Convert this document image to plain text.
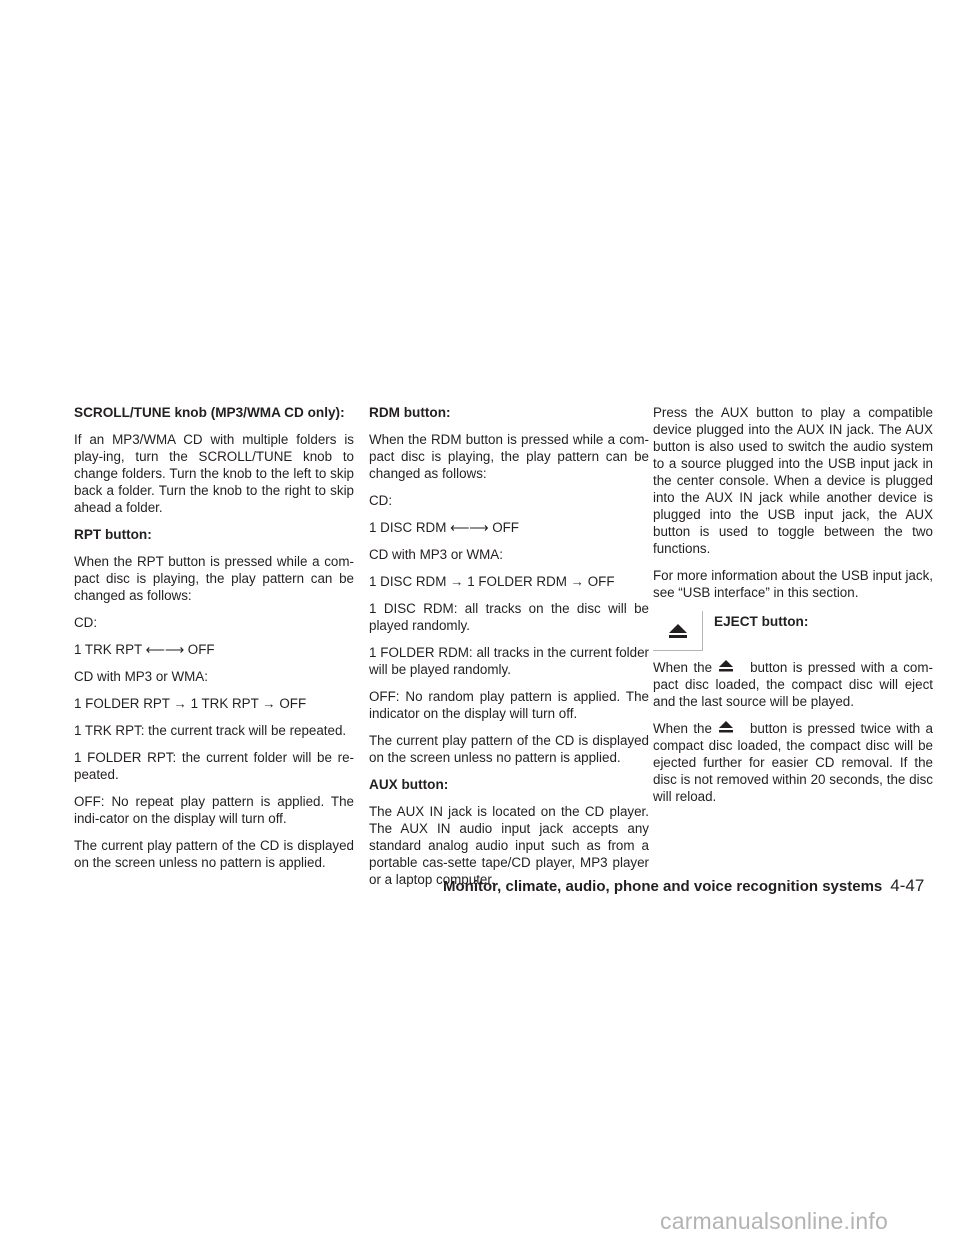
SCROLL/TUNE knob (MP3/WMA CD only):

If an MP3/WMA CD with multiple folders is play-ing, turn the SCROLL/TUNE knob to change folders. Turn the knob to the left to skip back a folder. Turn the knob to the right to skip ahead a folder.

RPT button:

When the RPT button is pressed while a com-pact disc is playing, the play pattern can be changed as follows:

CD:

1 TRK RPT ⟵⟶ OFF

CD with MP3 or WMA:

1 FOLDER RPT → 1 TRK RPT → OFF

1 TRK RPT: the current track will be repeated.

1 FOLDER RPT: the current folder will be re-peated.

OFF: No repeat play pattern is applied. The indi-cator on the display will turn off.

The current play pattern of the CD is displayed on the screen unless no pattern is applied.

RDM button:

When the RDM button is pressed while a com-pact disc is playing, the play pattern can be changed as follows:

CD:

1 DISC RDM ⟵⟶ OFF

CD with MP3 or WMA:

1 DISC RDM → 1 FOLDER RDM → OFF

1 DISC RDM: all tracks on the disc will be played randomly.

1 FOLDER RDM: all tracks in the current folder will be played randomly.

OFF: No random play pattern is applied. The indicator on the display will turn off.

The current play pattern of the CD is displayed on the screen unless no pattern is applied.

AUX button:

The AUX IN jack is located on the CD player. The AUX IN audio input jack accepts any standard analog audio input such as from a portable cas-sette tape/CD player, MP3 player or a laptop computer.

Press the AUX button to play a compatible device plugged into the AUX IN jack. The AUX button is also used to switch the audio system to a source plugged into the USB input jack in the center console. When a device is plugged into the AUX IN jack while another device is plugged into the USB input jack, the AUX button is used to toggle between the two functions.

For more information about the USB input jack, see “USB interface” in this section.

EJECT button:

When the	button is pressed with a com-pact disc loaded, the compact disc will eject and the last source will be played.

When the	button is pressed twice with a compact disc loaded, the compact disc will be ejected further for easier CD removal. If the disc is not removed within 20 seconds, the disc will reload.

Monitor, climate, audio, phone and voice recognition systems 4-47
carmanualsonline.info
